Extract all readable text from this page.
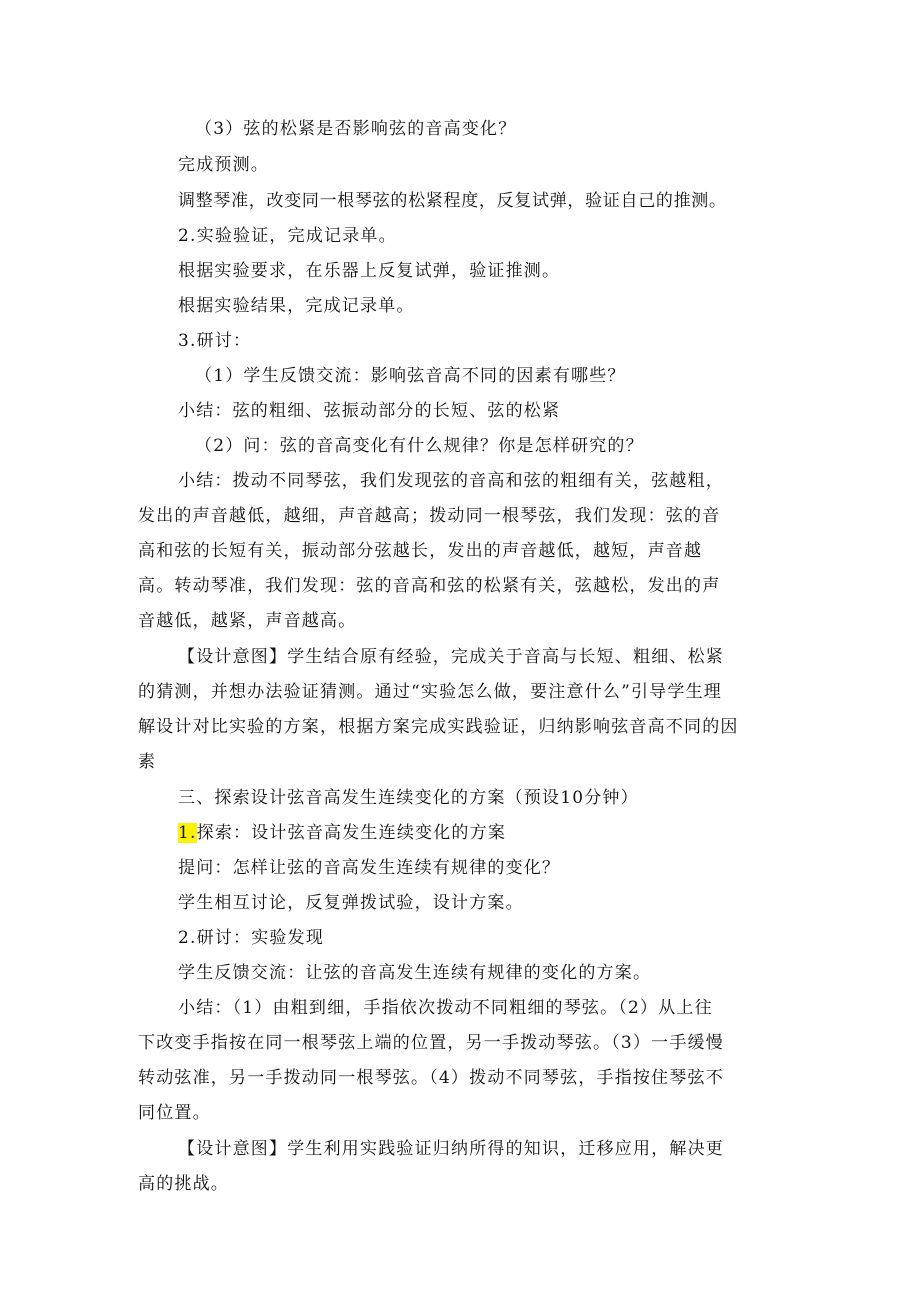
（3）弦的松紧是否影响弦的音高变化？
完成预测。
调整琴准，改变同一根琴弦的松紧程度，反复试弹，验证自己的推测。
2.实验验证，完成记录单。
根据实验要求，在乐器上反复试弹，验证推测。
根据实验结果，完成记录单。
3.研讨：
（1）学生反馈交流：影响弦音高不同的因素有哪些？
小结：弦的粗细、弦振动部分的长短、弦的松紧
（2）问：弦的音高变化有什么规律？你是怎样研究的？
小结：拨动不同琴弦，我们发现弦的音高和弦的粗细有关，弦越粗，
发出的声音越低，越细，声音越高；拨动同一根琴弦，我们发现：弦的音
高和弦的长短有关，振动部分弦越长，发出的声音越低，越短，声音越
高。转动琴准，我们发现：弦的音高和弦的松紧有关，弦越松，发出的声
音越低，越紧，声音越高。
【设计意图】学生结合原有经验，完成关于音高与长短、粗细、松紧
的猜测，并想办法验证猜测。通过“实验怎么做，要注意什么”引导学生理
解设计对比实验的方案，根据方案完成实践验证，归纳影响弦音高不同的因
素
三、探索设计弦音高发生连续变化的方案（预设10分钟）
1.探索：设计弦音高发生连续变化的方案
提问：怎样让弦的音高发生连续有规律的变化？
学生相互讨论，反复弹拨试验，设计方案。
2.研讨：实验发现
学生反馈交流：让弦的音高发生连续有规律的变化的方案。
小结：（1）由粗到细，手指依次拨动不同粗细的琴弦。（2）从上往
下改变手指按在同一根琴弦上端的位置，另一手拨动琴弦。（3）一手缓慢
转动弦准，另一手拨动同一根琴弦。（4）拨动不同琴弦，手指按住琴弦不
同位置。
【设计意图】学生利用实践验证归纳所得的知识，迁移应用，解决更
高的挑战。
